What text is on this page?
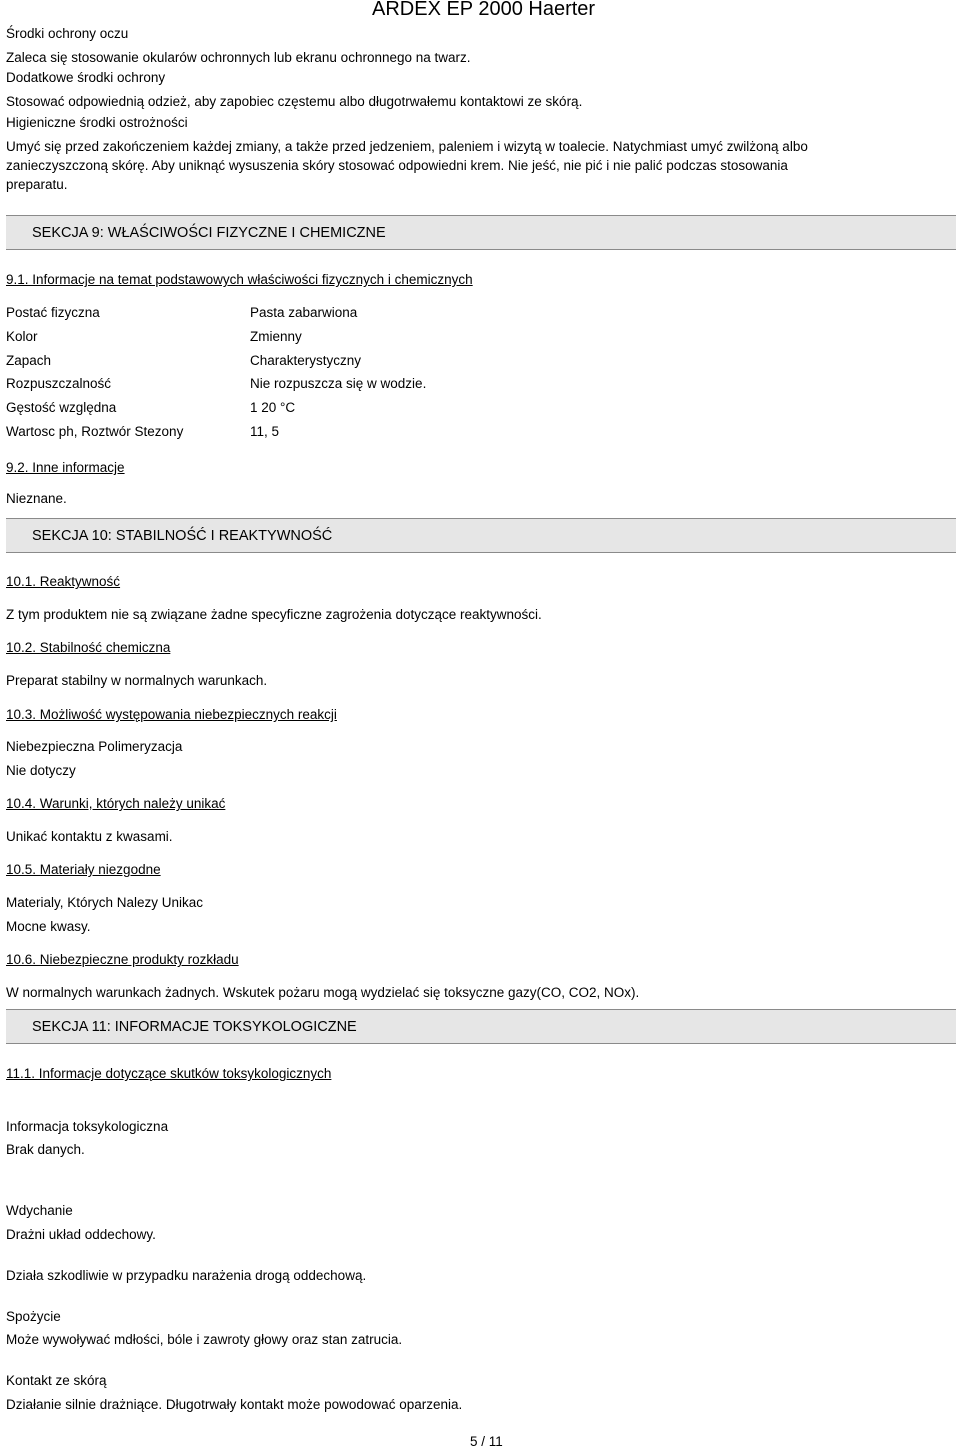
ARDEX EP 2000 Haerter
Środki ochrony oczu
Zaleca się stosowanie okularów ochronnych lub ekranu ochronnego na twarz.
Dodatkowe środki ochrony
Stosować odpowiednią odzież, aby zapobiec częstemu albo długotrwałemu kontaktowi ze skórą.
Higieniczne środki ostrożności
Umyć się przed zakończeniem każdej zmiany, a także przed jedzeniem, paleniem i wizytą w toalecie. Natychmiast umyć zwilżoną albo
zanieczyszczoną skórę. Aby uniknąć wysuszenia skóry stosować odpowiedni krem. Nie jeść, nie pić i nie palić podczas stosowania
preparatu.
SEKCJA 9: WŁAŚCIWOŚCI FIZYCZNE I CHEMICZNE
9.1. Informacje na temat podstawowych właściwości fizycznych i chemicznych
Postać fizyczna	Pasta zabarwiona
Kolor	Zmienny
Zapach	Charakterystyczny
Rozpuszczalność	Nie rozpuszcza się w wodzie.
Gęstość względna	1 20 °C
Wartosc ph, Roztwór Stezony	11, 5
9.2. Inne informacje
Nieznane.
SEKCJA 10: STABILNOŚĆ I REAKTYWNOŚĆ
10.1. Reaktywność
Z tym produktem nie są związane żadne specyficzne zagrożenia dotyczące reaktywności.
10.2. Stabilność chemiczna
Preparat stabilny w normalnych warunkach.
10.3. Możliwość występowania niebezpiecznych reakcji
Niebezpieczna Polimeryzacja
Nie dotyczy
10.4. Warunki, których należy unikać
Unikać kontaktu z kwasami.
10.5. Materiały niezgodne
Materialy, Których Nalezy Unikac
Mocne kwasy.
10.6. Niebezpieczne produkty rozkładu
W normalnych warunkach żadnych. Wskutek pożaru mogą wydzielać się toksyczne gazy(CO, CO2, NOx).
SEKCJA 11: INFORMACJE TOKSYKOLOGICZNE
11.1. Informacje dotyczące skutków toksykologicznych
Informacja toksykologiczna
Brak danych.
Wdychanie
Drażni układ oddechowy.
Działa szkodliwie w przypadku narażenia drogą oddechową.
Spożycie
Może wywoływać mdłości, bóle i zawroty głowy oraz stan zatrucia.
Kontakt ze skórą
Działanie silnie drażniące. Długotrwały kontakt może powodować oparzenia.
5 / 11
